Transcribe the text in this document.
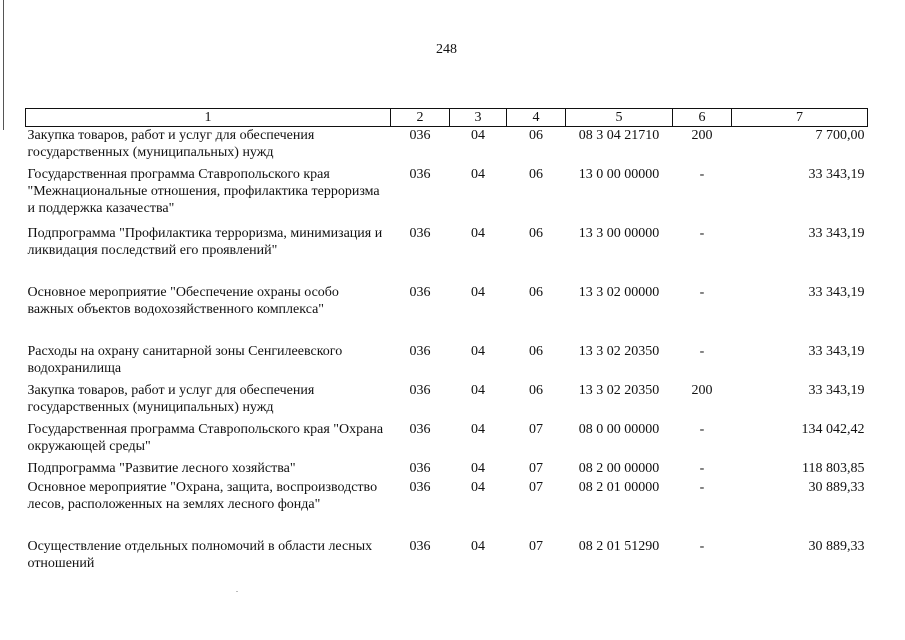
248
1	2	3	4	5	6	7
Закупка товаров, работ и услуг для обеспечения государственных (муниципальных) нужд	036	04	06	08 3 04 21710	200	7 700,00
Государственная программа Ставропольского края "Межнациональные отношения, профилактика терроризма и поддержка казачества"	036	04	06	13 0 00 00000	-	33 343,19
Подпрограмма "Профилактика терроризма, минимизация и ликвидация последствий его проявлений"	036	04	06	13 3 00 00000	-	33 343,19
Основное мероприятие "Обеспечение охраны особо важных объектов водохозяйственного комплекса"	036	04	06	13 3 02 00000	-	33 343,19
Расходы на охрану санитарной зоны Сенгилеевского водохранилища	036	04	06	13 3 02 20350	-	33 343,19
Закупка товаров, работ и услуг для обеспечения государственных (муниципальных) нужд	036	04	06	13 3 02 20350	200	33 343,19
Государственная программа Ставропольского края "Охрана окружающей среды"	036	04	07	08 0 00 00000	-	134 042,42
Подпрограмма "Развитие лесного хозяйства"	036	04	07	08 2 00 00000	-	118 803,85
Основное мероприятие "Охрана, защита, воспроизводство лесов, расположенных на землях лесного фонда"	036	04	07	08 2 01 00000	-	30 889,33
Осуществление отдельных полномочий в области лесных отношений	036	04	07	08 2 01 51290	-	30 889,33
